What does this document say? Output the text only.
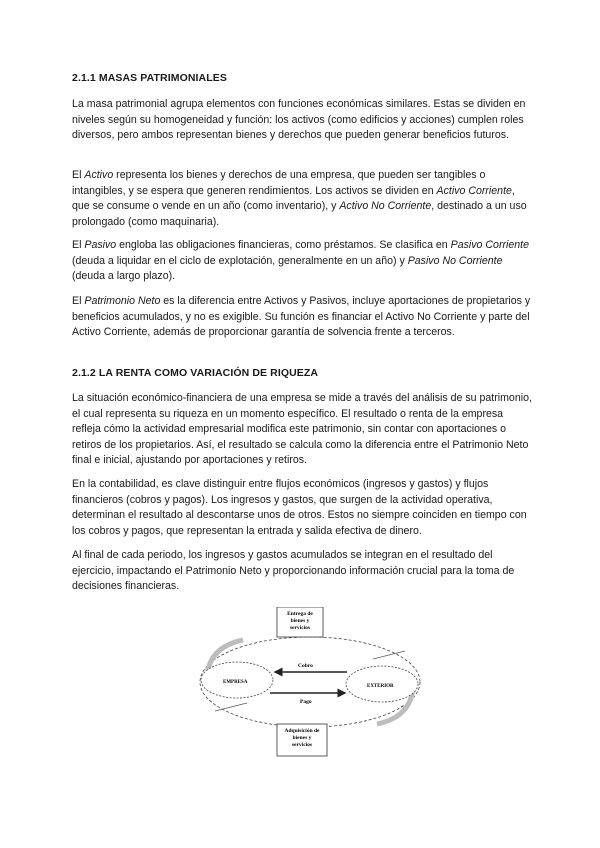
2.1.1 MASAS PATRIMONIALES

La masa patrimonial agrupa elementos con funciones económicas similares. Estas se dividen en niveles según su homogeneidad y función: los activos (como edificios y acciones) cumplen roles diversos, pero ambos representan bienes y derechos que pueden generar beneficios futuros.

El Activo representa los bienes y derechos de una empresa, que pueden ser tangibles o intangibles, y se espera que generen rendimientos. Los activos se dividen en Activo Corriente, que se consume o vende en un año (como inventario), y Activo No Corriente, destinado a un uso prolongado (como maquinaria).

El Pasivo engloba las obligaciones financieras, como préstamos. Se clasifica en Pasivo Corriente (deuda a liquidar en el ciclo de explotación, generalmente en un año) y Pasivo No Corriente (deuda a largo plazo).

El Patrimonio Neto es la diferencia entre Activos y Pasivos, incluye aportaciones de propietarios y beneficios acumulados, y no es exigible. Su función es financiar el Activo No Corriente y parte del Activo Corriente, además de proporcionar garantía de solvencia frente a terceros.

2.1.2 LA RENTA COMO VARIACIÓN DE RIQUEZA

La situación económico-financiera de una empresa se mide a través del análisis de su patrimonio, el cual representa su riqueza en un momento específico. El resultado o renta de la empresa refleja cómo la actividad empresarial modifica este patrimonio, sin contar con aportaciones o retiros de los propietarios. Así, el resultado se calcula como la diferencia entre el Patrimonio Neto final e inicial, ajustando por aportaciones y retiros.

En la contabilidad, es clave distinguir entre flujos económicos (ingresos y gastos) y flujos financieros (cobros y pagos). Los ingresos y gastos, que surgen de la actividad operativa, determinan el resultado al descontarse unos de otros. Estos no siempre coinciden en tiempo con los cobros y pagos, que representan la entrada y salida efectiva de dinero.

Al final de cada periodo, los ingresos y gastos acumulados se integran en el resultado del ejercicio, impactando el Patrimonio Neto y proporcionando información crucial para la toma de decisiones financieras.

Entrega de
bienes y
servicios
Adquisición de
bienes y
servicios
EMPRESA
EXTERIOR
Cobro
Pago
